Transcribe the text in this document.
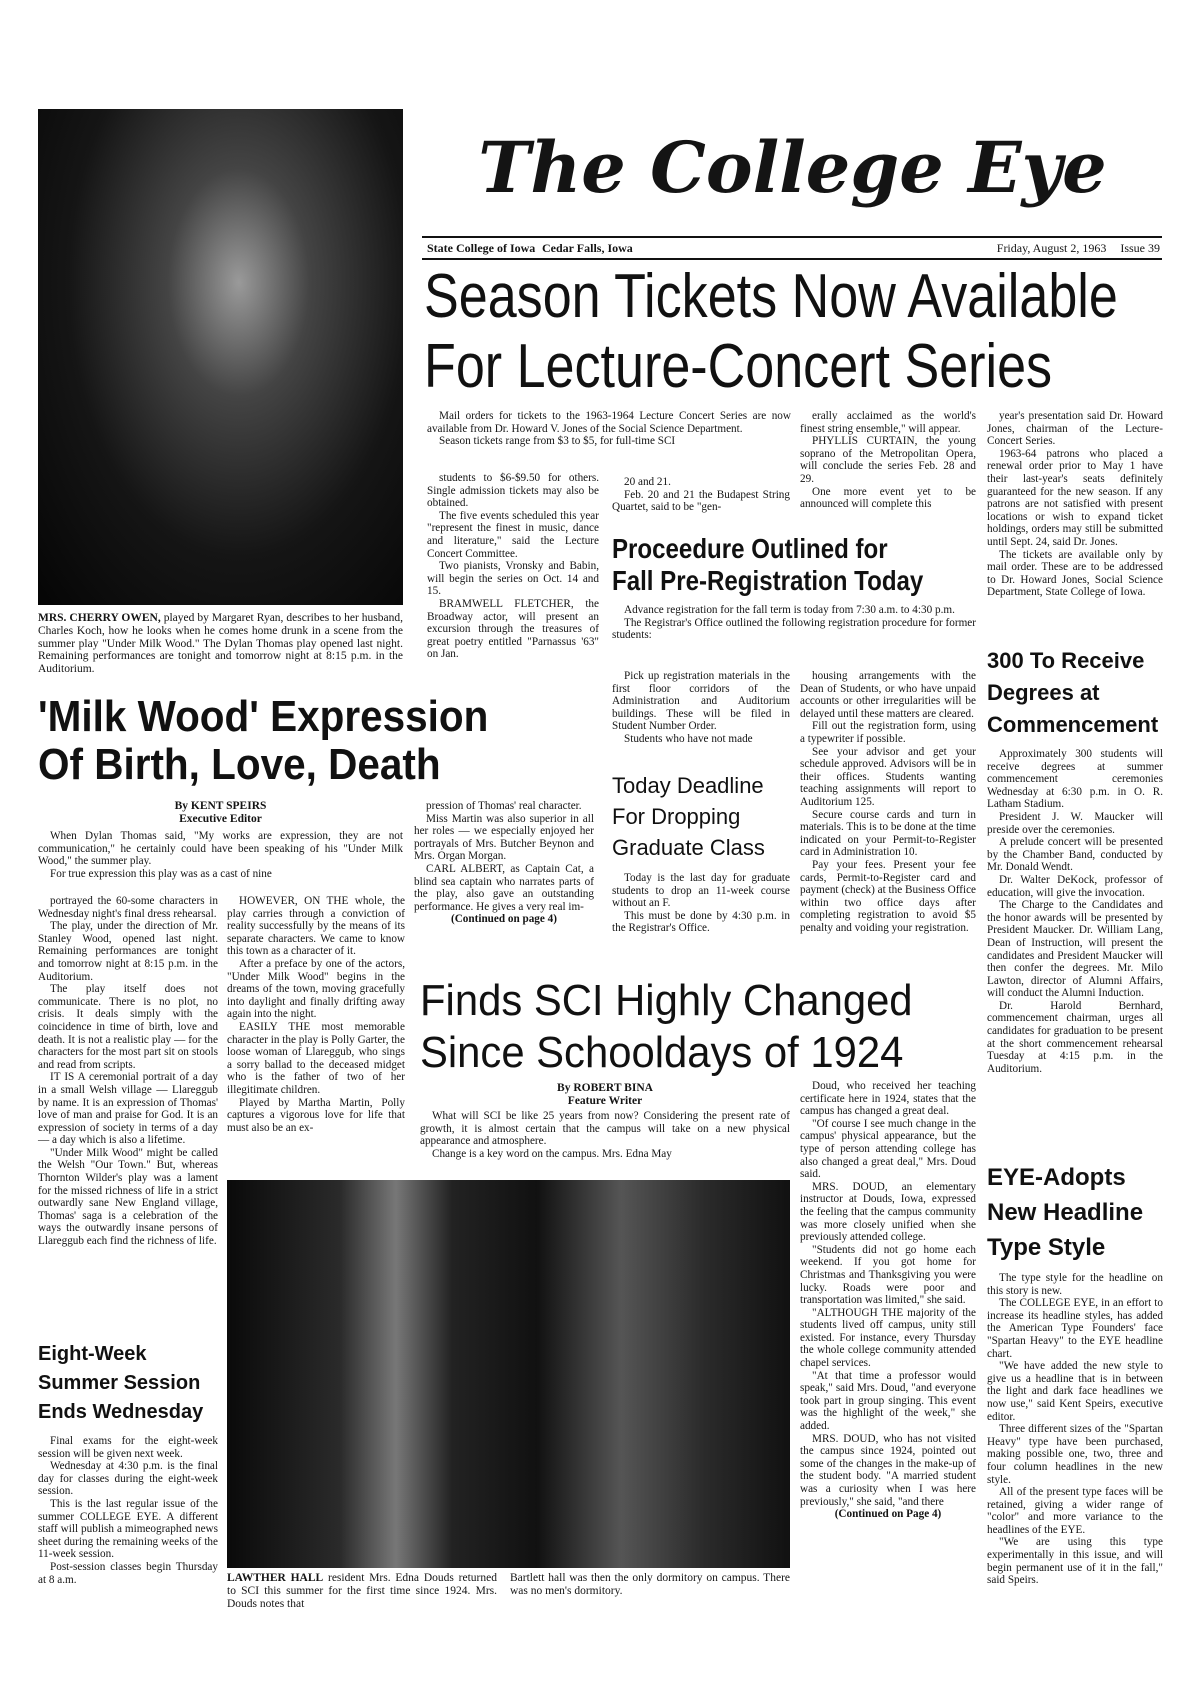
MRS. CHERRY OWEN, played by Margaret Ryan, describes to her husband, Charles Koch, how he looks when he comes home drunk in a scene from the summer play "Under Milk Wood." The Dylan Thomas play opened last night. Remaining performances are tonight and tomorrow night at 8:15 p.m. in the Auditorium.
The College Eye
State College of Iowa Cedar Falls, Iowa	Friday, August 2, 1963 Issue 39
Season Tickets Now Available
For Lecture-Concert Series

Mail orders for tickets to the 1963-1964 Lecture Concert Series are now available from Dr. Howard V. Jones of the Social Science Department.

Season tickets range from $3 to $5, for full-time SCI

students to $6-$9.50 for others. Single admission tickets may also be obtained.

The five events scheduled this year "represent the finest in music, dance and literature," said the Lecture Concert Committee.

Two pianists, Vronsky and Babin, will begin the series on Oct. 14 and 15.

BRAMWELL FLETCHER, the Broadway actor, will present an excursion through the treasures of great poetry entitled "Parnassus '63" on Jan.

20 and 21.

Feb. 20 and 21 the Budapest String Quartet, said to be "gen-

erally acclaimed as the world's finest string ensemble," will appear.

PHYLLIS CURTAIN, the young soprano of the Metropolitan Opera, will conclude the series Feb. 28 and 29.

One more event yet to be announced will complete this

year's presentation said Dr. Howard Jones, chairman of the Lecture-Concert Series.

1963-64 patrons who placed a renewal order prior to May 1 have their last-year's seats definitely guaranteed for the new season. If any patrons are not satisfied with present locations or wish to expand ticket holdings, orders may still be submitted until Sept. 24, said Dr. Jones.

The tickets are available only by mail order. These are to be addressed to Dr. Howard Jones, Social Science Department, State College of Iowa.

Proceedure Outlined for
Fall Pre-Registration Today

Advance registration for the fall term is today from 7:30 a.m. to 4:30 p.m.

The Registrar's Office outlined the following registration procedure for former students:

Pick up registration materials in the first floor corridors of the Administration and Auditorium buildings. These will be filed in Student Number Order.

Students who have not made

housing arrangements with the Dean of Students, or who have unpaid accounts or other irregularities will be delayed until these matters are cleared.

Fill out the registration form, using a typewriter if possible.

See your advisor and get your schedule approved. Advisors will be in their offices. Students wanting teaching assignments will report to Auditorium 125.

Secure course cards and turn in materials. This is to be done at the time indicated on your Permit-to-Register card in Administration 10.

Pay your fees. Present your fee cards, Permit-to-Register card and payment (check) at the Business Office within two office days after completing registration to avoid $5 penalty and voiding your registration.

Today Deadline
For Dropping
Graduate Class

Today is the last day for graduate students to drop an 11-week course without an F.

This must be done by 4:30 p.m. in the Registrar's Office.

300 To Receive
Degrees at
Commencement

Approximately 300 students will receive degrees at summer commencement ceremonies Wednesday at 6:30 p.m. in O. R. Latham Stadium.

President J. W. Maucker will preside over the ceremonies.

A prelude concert will be presented by the Chamber Band, conducted by Mr. Donald Wendt.

Dr. Walter DeKock, professor of education, will give the invocation.

The Charge to the Candidates and the honor awards will be presented by President Maucker. Dr. William Lang, Dean of Instruction, will present the candidates and President Maucker will then confer the degrees. Mr. Milo Lawton, director of Alumni Affairs, will conduct the Alumni Induction.

Dr. Harold Bernhard, commencement chairman, urges all candidates for graduation to be present at the short commencement rehearsal Tuesday at 4:15 p.m. in the Auditorium.

'Milk Wood' Expression
Of Birth, Love, Death
By KENT SPEIRS
Executive Editor

When Dylan Thomas said, "My works are expression, they are not communication," he certainly could have been speaking of his "Under Milk Wood," the summer play.

For true expression this play was as a cast of nine

portrayed the 60-some characters in Wednesday night's final dress rehearsal.

The play, under the direction of Mr. Stanley Wood, opened last night. Remaining performances are tonight and tomorrow night at 8:15 p.m. in the Auditorium.

The play itself does not communicate. There is no plot, no crisis. It deals simply with the coincidence in time of birth, love and death. It is not a realistic play — for the characters for the most part sit on stools and read from scripts.

IT IS A ceremonial portrait of a day in a small Welsh village — Llareggub by name. It is an expression of Thomas' love of man and praise for God. It is an expression of society in terms of a day — a day which is also a lifetime.

"Under Milk Wood" might be called the Welsh "Our Town." But, whereas Thornton Wilder's play was a lament for the missed richness of life in a strict outwardly sane New England village, Thomas' saga is a celebration of the ways the outwardly insane persons of Llareggub each find the richness of life.

HOWEVER, ON THE whole, the play carries through a conviction of reality successfully by the means of its separate characters. We came to know this town as a character of it.

After a preface by one of the actors, "Under Milk Wood" begins in the dreams of the town, moving gracefully into daylight and finally drifting away again into the night.

EASILY THE most memorable character in the play is Polly Garter, the loose woman of Llareggub, who sings a sorry ballad to the deceased midget who is the father of two of her illegitimate children.

Played by Martha Martin, Polly captures a vigorous love for life that must also be an ex-

pression of Thomas' real character.

Miss Martin was also superior in all her roles — we especially enjoyed her portrayals of Mrs. Butcher Beynon and Mrs. Organ Morgan.

CARL ALBERT, as Captain Cat, a blind sea captain who narrates parts of the play, also gave an outstanding performance. He gives a very real im-

(Continued on page 4)
Finds SCI Highly Changed
Since Schooldays of 1924
By ROBERT BINA
Feature Writer

What will SCI be like 25 years from now? Considering the present rate of growth, it is almost certain that the campus will take on a new physical appearance and atmosphere.

Change is a key word on the campus. Mrs. Edna May

Doud, who received her teaching certificate here in 1924, states that the campus has changed a great deal.

"Of course I see much change in the campus' physical appearance, but the type of person attending college has also changed a great deal," Mrs. Doud said.

MRS. DOUD, an elementary instructor at Douds, Iowa, expressed the feeling that the campus community was more closely unified when she previously attended college.

"Students did not go home each weekend. If you got home for Christmas and Thanksgiving you were lucky. Roads were poor and transportation was limited," she said.

"ALTHOUGH THE majority of the students lived off campus, unity still existed. For instance, every Thursday the whole college community attended chapel services.

"At that time a professor would speak," said Mrs. Doud, "and everyone took part in group singing. This event was the highlight of the week," she added.

MRS. DOUD, who has not visited the campus since 1924, pointed out some of the changes in the make-up of the student body. "A married student was a curiosity when I was here previously," she said, "and there

(Continued on Page 4)
LAWTHER HALL resident Mrs. Edna Douds returned to SCI this summer for the first time since 1924. Mrs. Douds notes that
Bartlett hall was then the only dormitory on campus. There was no men's dormitory.
Eight-Week
Summer Session
Ends Wednesday

Final exams for the eight-week session will be given next week.

Wednesday at 4:30 p.m. is the final day for classes during the eight-week session.

This is the last regular issue of the summer COLLEGE EYE. A different staff will publish a mimeographed news sheet during the remaining weeks of the 11-week session.

Post-session classes begin Thursday at 8 a.m.

EYE-Adopts
New Headline
Type Style

The type style for the headline on this story is new.

The COLLEGE EYE, in an effort to increase its headline styles, has added the American Type Founders' face "Spartan Heavy" to the EYE headline chart.

"We have added the new style to give us a headline that is in between the light and dark face headlines we now use," said Kent Speirs, executive editor.

Three different sizes of the "Spartan Heavy" type have been purchased, making possible one, two, three and four column headlines in the new style.

All of the present type faces will be retained, giving a wider range of "color" and more variance to the headlines of the EYE.

"We are using this type experimentally in this issue, and will begin permanent use of it in the fall," said Speirs.
